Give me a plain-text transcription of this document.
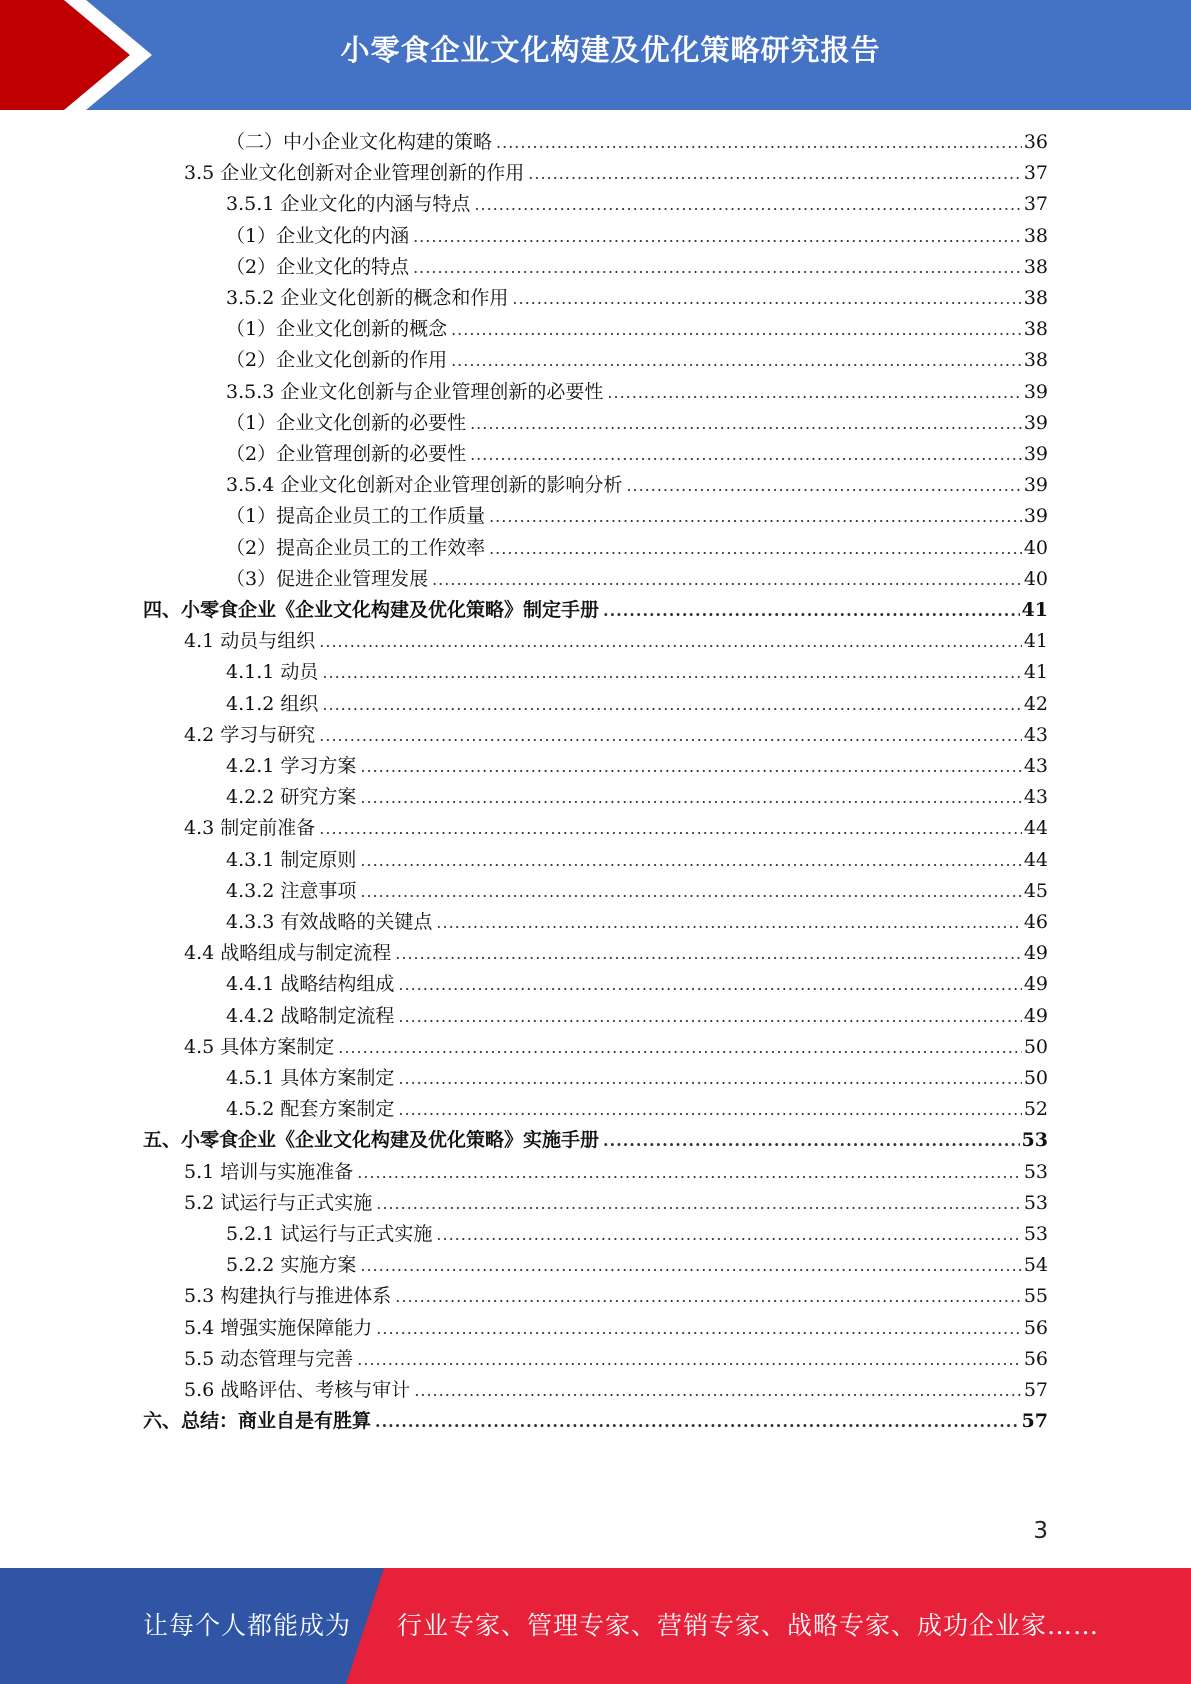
小零食企业文化构建及优化策略研究报告
（二）中小企业文化构建的策略 .....	36
3.5 企业文化创新对企业管理创新的作用 .....	37
3.5.1 企业文化的内涵与特点 .....	37
（1）企业文化的内涵 .....	38
（2）企业文化的特点 .....	38
3.5.2 企业文化创新的概念和作用 .....	38
（1）企业文化创新的概念 .....	38
（2）企业文化创新的作用 .....	38
3.5.3 企业文化创新与企业管理创新的必要性 .....	39
（1）企业文化创新的必要性 .....	39
（2）企业管理创新的必要性 .....	39
3.5.4 企业文化创新对企业管理创新的影响分析 .....	39
（1）提高企业员工的工作质量 .....	39
（2）提高企业员工的工作效率 .....	40
（3）促进企业管理发展 .....	40
四、小零食企业《企业文化构建及优化策略》制定手册 .....	41
4.1 动员与组织 .....	41
4.1.1 动员 .....	41
4.1.2 组织 .....	42
4.2 学习与研究 .....	43
4.2.1 学习方案 .....	43
4.2.2 研究方案 .....	43
4.3 制定前准备 .....	44
4.3.1 制定原则 .....	44
4.3.2 注意事项 .....	45
4.3.3 有效战略的关键点 .....	46
4.4 战略组成与制定流程 .....	49
4.4.1 战略结构组成 .....	49
4.4.2 战略制定流程 .....	49
4.5 具体方案制定 .....	50
4.5.1 具体方案制定 .....	50
4.5.2 配套方案制定 .....	52
五、小零食企业《企业文化构建及优化策略》实施手册 .....	53
5.1 培训与实施准备 .....	53
5.2 试运行与正式实施 .....	53
5.2.1 试运行与正式实施 .....	53
5.2.2 实施方案 .....	54
5.3 构建执行与推进体系 .....	55
5.4 增强实施保障能力 .....	56
5.5 动态管理与完善 .....	56
5.6 战略评估、考核与审计 .....	57
六、总结：商业自是有胜算 .....	57
3
让每个人都能成为 行业专家、管理专家、营销专家、战略专家、成功企业家……
